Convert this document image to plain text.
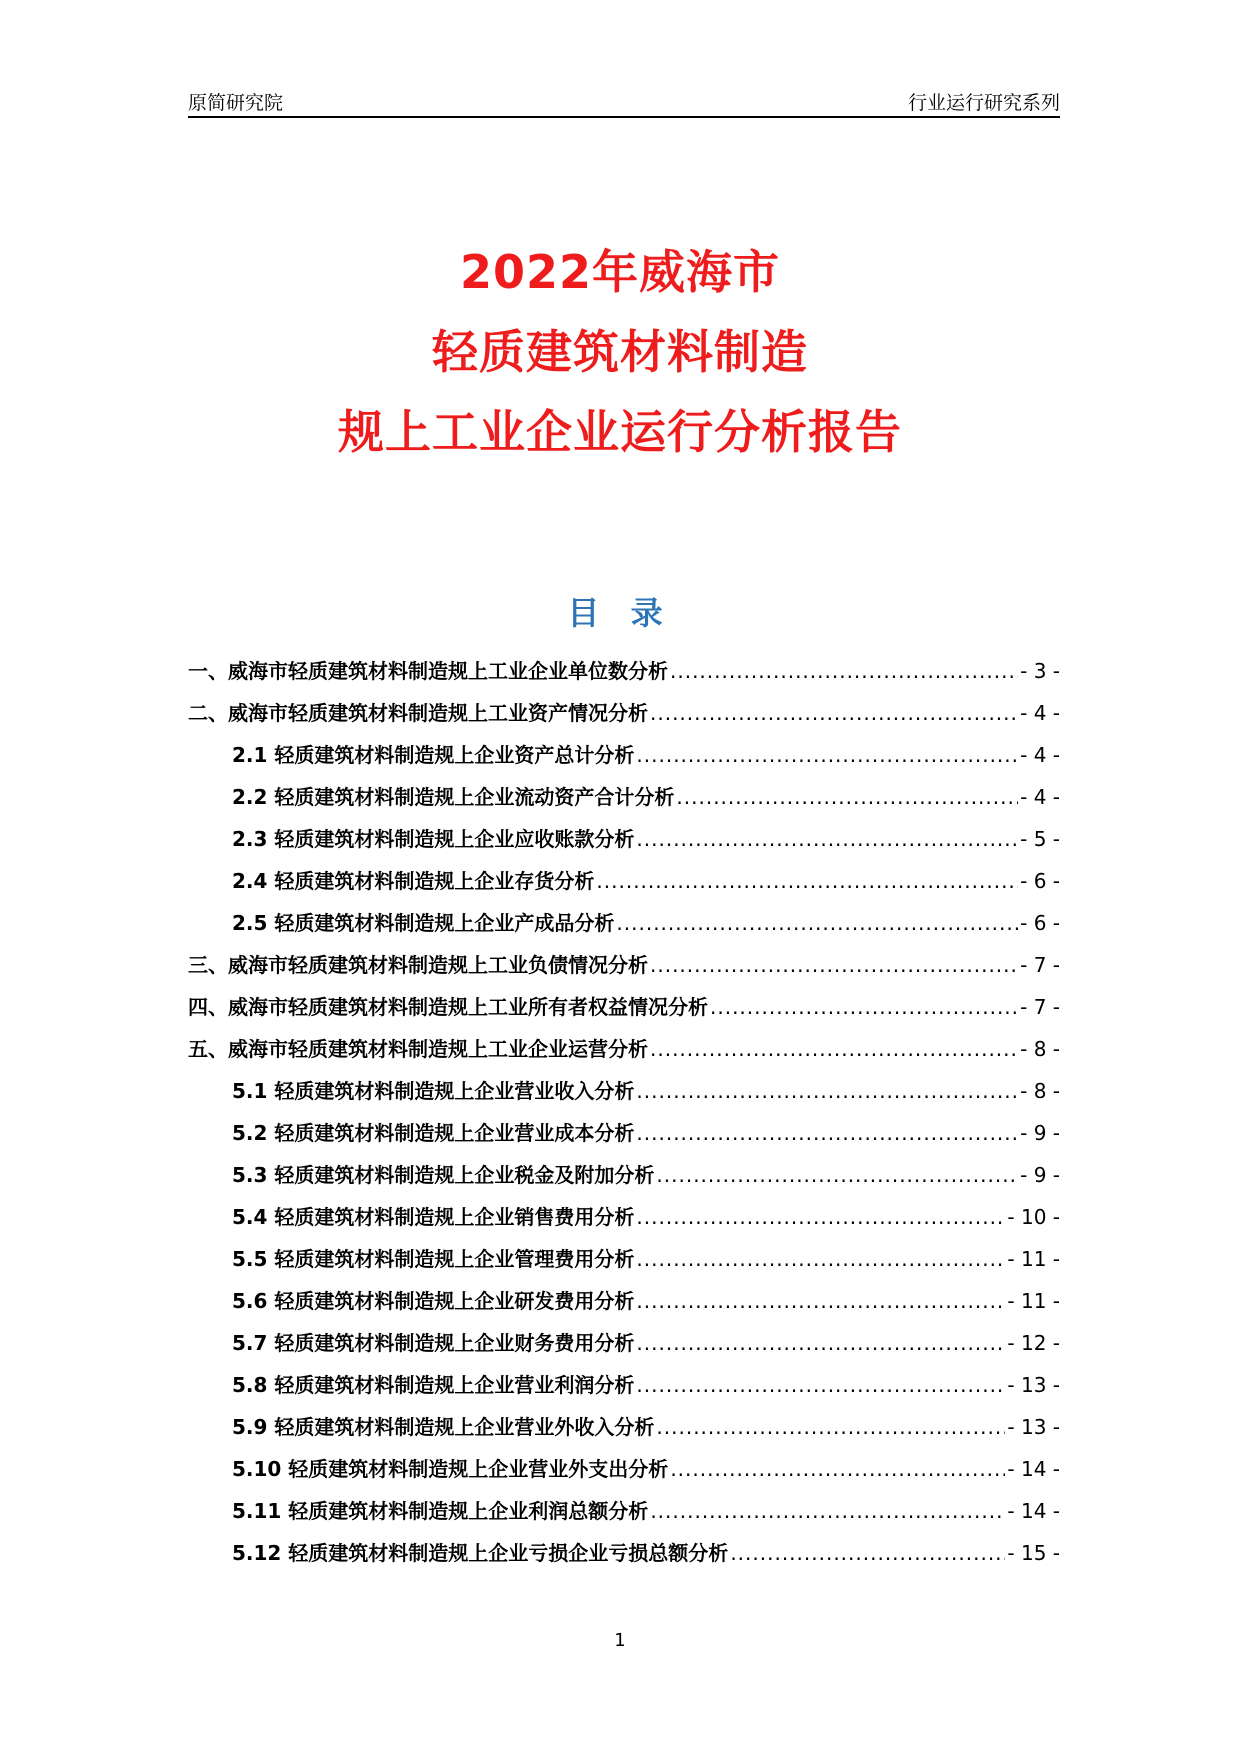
原简研究院	行业运行研究系列
2022年威海市
轻质建筑材料制造
规上工业企业运行分析报告
目 录
一、威海市轻质建筑材料制造规上工业企业单位数分析 .....	- 3 -
二、威海市轻质建筑材料制造规上工业资产情况分析 .....	- 4 -
2.1 轻质建筑材料制造规上企业资产总计分析 .....	- 4 -
2.2 轻质建筑材料制造规上企业流动资产合计分析 .....	- 4 -
2.3 轻质建筑材料制造规上企业应收账款分析 .....	- 5 -
2.4 轻质建筑材料制造规上企业存货分析 .....	- 6 -
2.5 轻质建筑材料制造规上企业产成品分析 .....	- 6 -
三、威海市轻质建筑材料制造规上工业负债情况分析 .....	- 7 -
四、威海市轻质建筑材料制造规上工业所有者权益情况分析 .....	- 7 -
五、威海市轻质建筑材料制造规上工业企业运营分析 .....	- 8 -
5.1 轻质建筑材料制造规上企业营业收入分析 .....	- 8 -
5.2 轻质建筑材料制造规上企业营业成本分析 .....	- 9 -
5.3 轻质建筑材料制造规上企业税金及附加分析 .....	- 9 -
5.4 轻质建筑材料制造规上企业销售费用分析 .....	- 10 -
5.5 轻质建筑材料制造规上企业管理费用分析 .....	- 11 -
5.6 轻质建筑材料制造规上企业研发费用分析 .....	- 11 -
5.7 轻质建筑材料制造规上企业财务费用分析 .....	- 12 -
5.8 轻质建筑材料制造规上企业营业利润分析 .....	- 13 -
5.9 轻质建筑材料制造规上企业营业外收入分析 .....	- 13 -
5.10 轻质建筑材料制造规上企业营业外支出分析 .....	- 14 -
5.11 轻质建筑材料制造规上企业利润总额分析 .....	- 14 -
5.12 轻质建筑材料制造规上企业亏损企业亏损总额分析 .....	- 15 -
1
